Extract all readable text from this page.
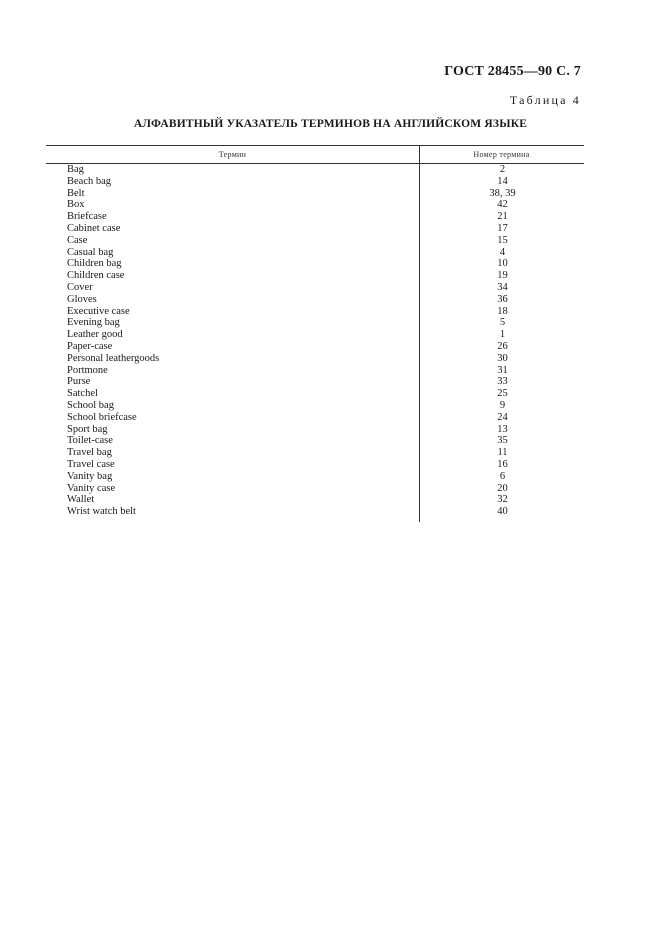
ГОСТ 28455—90 С. 7
Таблица 4
АЛФАВИТНЫЙ УКАЗАТЕЛЬ ТЕРМИНОВ НА АНГЛИЙСКОМ ЯЗЫКЕ
Термин	Номер термина
Bag	2
Beach bag	14
Belt	38, 39
Box	42
Briefcase	21
Cabinet case	17
Case	15
Casual bag	4
Children bag	10
Children case	19
Cover	34
Gloves	36
Executive case	18
Evening bag	5
Leather good	1
Paper-case	26
Personal leathergoods	30
Portmone	31
Purse	33
Satchel	25
School bag	9
School briefcase	24
Sport bag	13
Toilet-case	35
Travel bag	11
Travel case	16
Vanity bag	6
Vanity case	20
Wallet	32
Wrist watch belt	40
